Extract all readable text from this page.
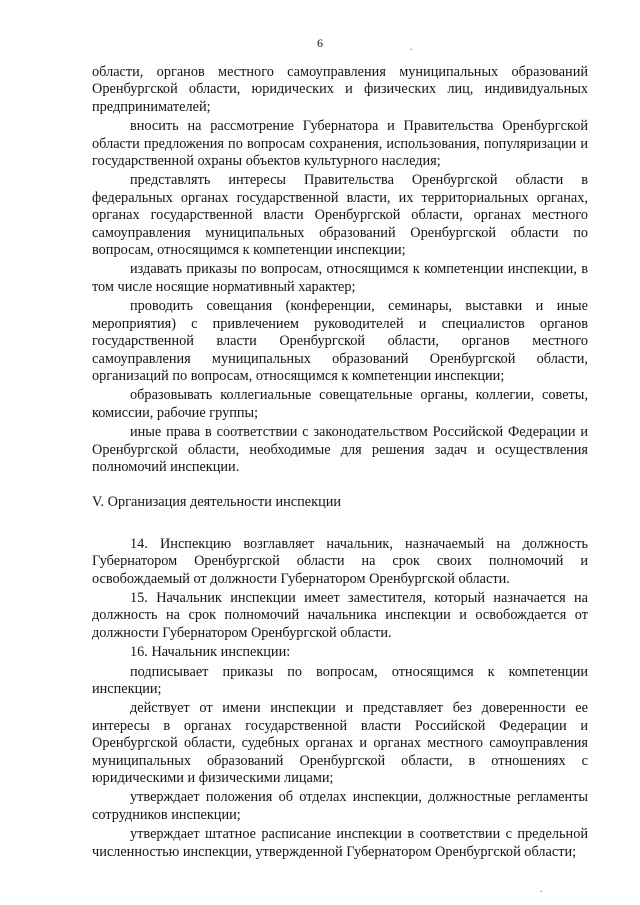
6	.

области, органов местного самоуправления муниципальных образований Оренбургской области, юридических и физических лиц, индивидуальных предпринимателей;

вносить на рассмотрение Губернатора и Правительства Оренбургской области предложения по вопросам сохранения, использования, популяризации и государственной охраны объектов культурного наследия;

представлять интересы Правительства Оренбургской области в федеральных органах государственной власти, их территориальных органах, органах государственной власти Оренбургской области, органах местного самоуправления муниципальных образований Оренбургской области по вопросам, относящимся к компетенции инспекции;

издавать приказы по вопросам, относящимся к компетенции инспекции, в том числе носящие нормативный характер;

проводить совещания (конференции, семинары, выставки и иные мероприятия) с привлечением руководителей и специалистов органов государственной власти Оренбургской области, органов местного самоуправления муниципальных образований Оренбургской области, организаций по вопросам, относящимся к компетенции инспекции;

образовывать коллегиальные совещательные органы, коллегии, советы, комиссии, рабочие группы;

иные права в соответствии с законодательством Российской Федерации и Оренбургской области, необходимые для решения задач и осуществления полномочий инспекции.

V. Организация деятельности инспекции

14. Инспекцию возглавляет начальник, назначаемый на должность Губернатором Оренбургской области на срок своих полномочий и освобождаемый от должности Губернатором Оренбургской области.

15. Начальник инспекции имеет заместителя, который назначается на должность на срок полномочий начальника инспекции и освобождается от должности Губернатором Оренбургской области.

16. Начальник инспекции:

подписывает приказы по вопросам, относящимся к компетенции инспекции;

действует от имени инспекции и представляет без доверенности ее интересы в органах государственной власти Российской Федерации и Оренбургской области, судебных органах и органах местного самоуправления муниципальных образований Оренбургской области, в отношениях с юридическими и физическими лицами;

утверждает положения об отделах инспекции, должностные регламенты сотрудников инспекции;

утверждает штатное расписание инспекции в соответствии с предельной численностью инспекции, утвержденной Губернатором Оренбургской области;

.
